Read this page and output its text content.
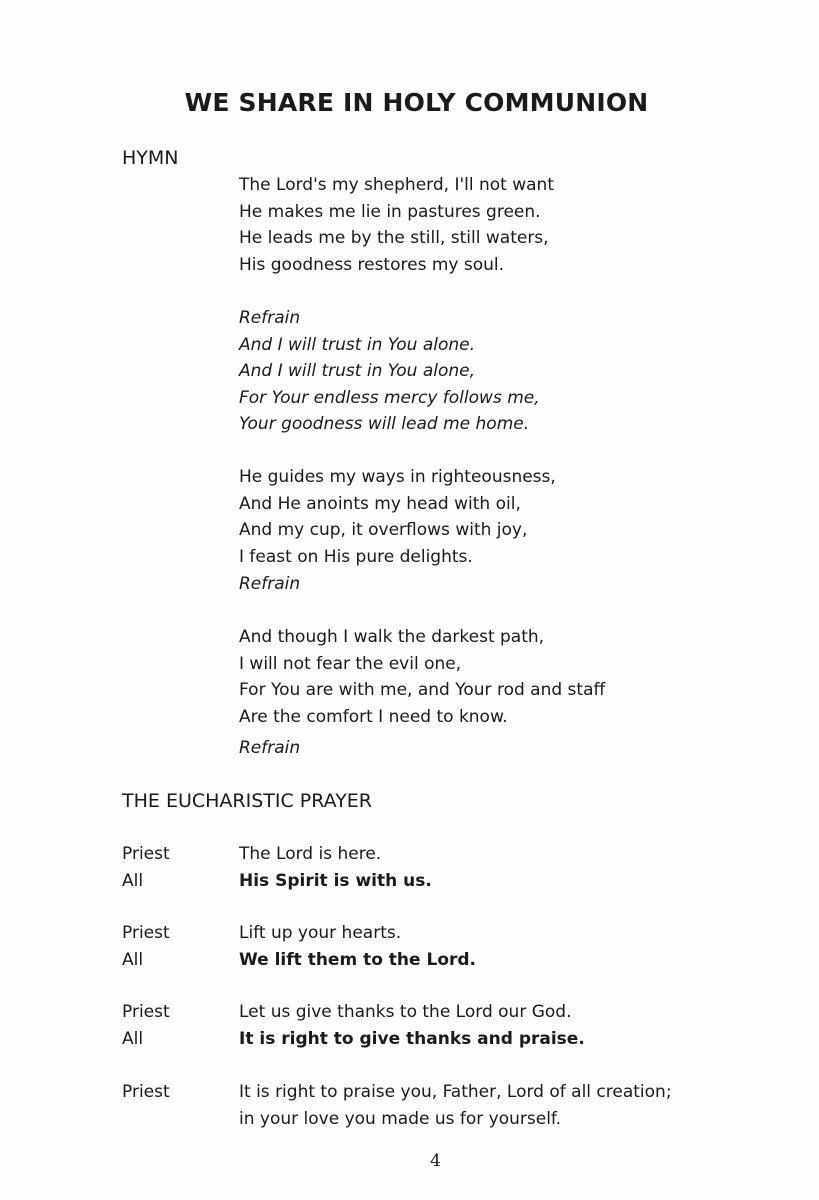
WE SHARE IN HOLY COMMUNION
HYMN
The Lord's my shepherd, I'll not want
He makes me lie in pastures green.
He leads me by the still, still waters,
His goodness restores my soul.
Refrain
And I will trust in You alone.
And I will trust in You alone,
For Your endless mercy follows me,
Your goodness will lead me home.
He guides my ways in righteousness,
And He anoints my head with oil,
And my cup, it overflows with joy,
I feast on His pure delights.
Refrain
And though I walk the darkest path,
I will not fear the evil one,
For You are with me, and Your rod and staff
Are the comfort I need to know.
Refrain
THE EUCHARISTIC PRAYER
Priest	The Lord is here.
All	His Spirit is with us.
Priest	Lift up your hearts.
All	We lift them to the Lord.
Priest	Let us give thanks to the Lord our God.
All	It is right to give thanks and praise.
Priest	It is right to praise you, Father, Lord of all creation;
in your love you made us for yourself.
4
